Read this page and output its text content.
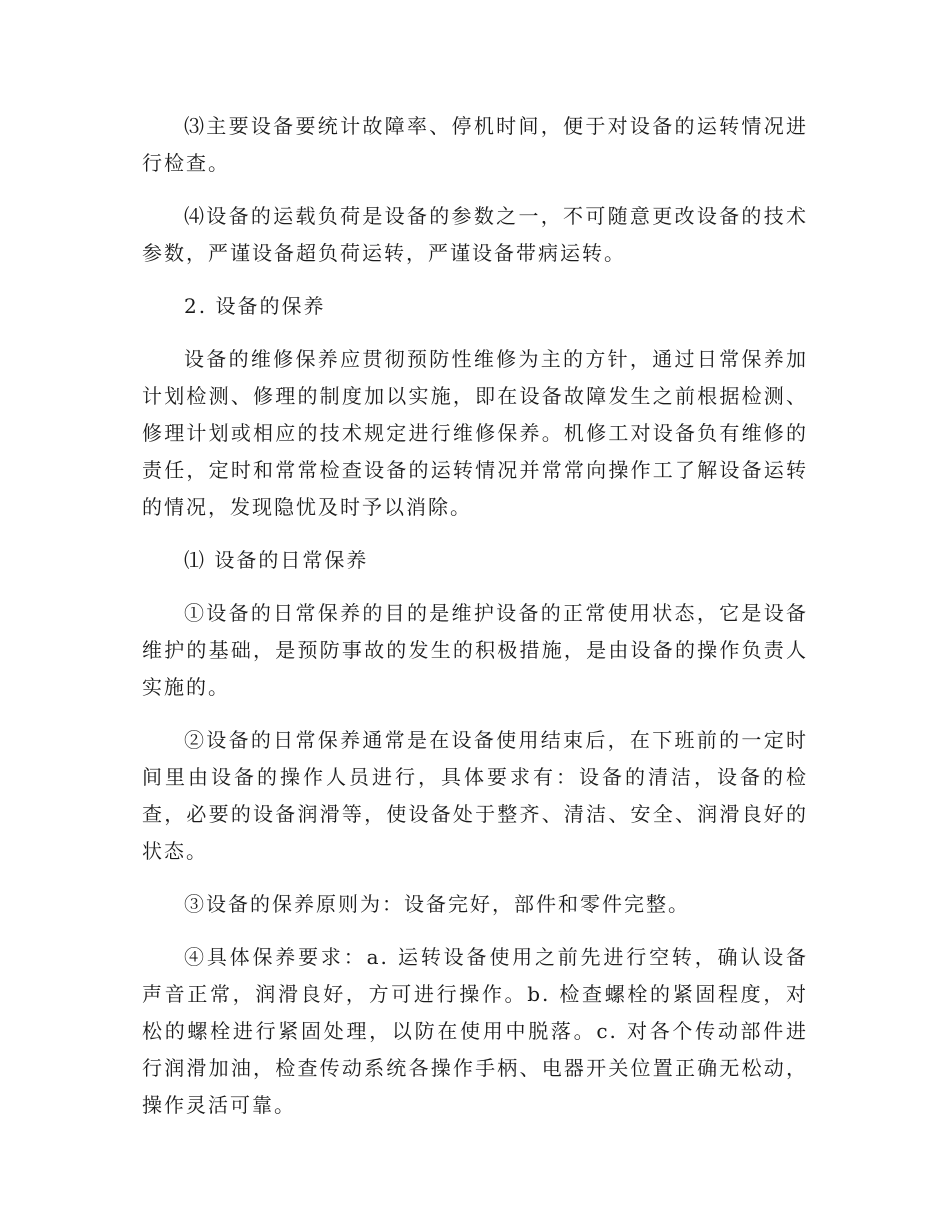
⑶主要设备要统计故障率、停机时间，便于对设备的运转情况进行检查。

⑷设备的运载负荷是设备的参数之一，不可随意更改设备的技术参数，严谨设备超负荷运转，严谨设备带病运转。

2. 设备的保养

设备的维修保养应贯彻预防性维修为主的方针，通过日常保养加计划检测、修理的制度加以实施，即在设备故障发生之前根据检测、修理计划或相应的技术规定进行维修保养。机修工对设备负有维修的责任，定时和常常检查设备的运转情况并常常向操作工了解设备运转的情况，发现隐忧及时予以消除。

⑴ 设备的日常保养

①设备的日常保养的目的是维护设备的正常使用状态，它是设备维护的基础，是预防事故的发生的积极措施，是由设备的操作负责人实施的。

②设备的日常保养通常是在设备使用结束后，在下班前的一定时间里由设备的操作人员进行，具体要求有：设备的清洁，设备的检查，必要的设备润滑等，使设备处于整齐、清洁、安全、润滑良好的状态。

③设备的保养原则为：设备完好，部件和零件完整。

④具体保养要求：a. 运转设备使用之前先进行空转，确认设备声音正常，润滑良好，方可进行操作。b. 检查螺栓的紧固程度，对松的螺栓进行紧固处理，以防在使用中脱落。c. 对各个传动部件进行润滑加油，检查传动系统各操作手柄、电器开关位置正确无松动，操作灵活可靠。
